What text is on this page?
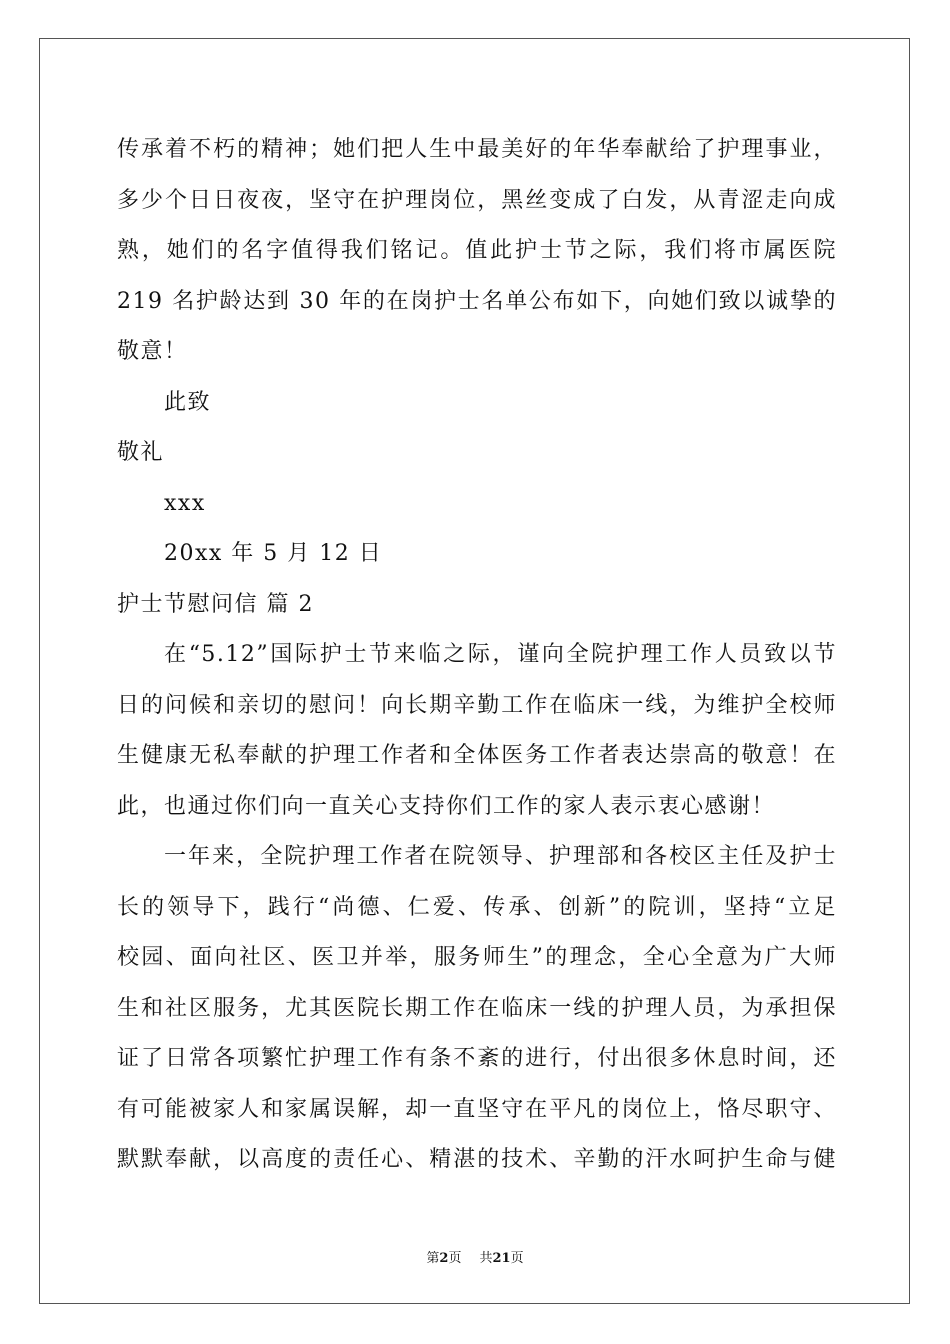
传承着不朽的精神；她们把人生中最美好的年华奉献给了护理事业，
多少个日日夜夜，坚守在护理岗位，黑丝变成了白发，从青涩走向成
熟，她们的名字值得我们铭记。值此护士节之际，我们将市属医院
219 名护龄达到 30 年的在岗护士名单公布如下，向她们致以诚挚的
敬意！
此致
敬礼
xxx
20xx 年 5 月 12 日
护士节慰问信 篇 2
在“5.12”国际护士节来临之际，谨向全院护理工作人员致以节
日的问候和亲切的慰问！向长期辛勤工作在临床一线，为维护全校师
生健康无私奉献的护理工作者和全体医务工作者表达崇高的敬意！在
此，也通过你们向一直关心支持你们工作的家人表示衷心感谢！
一年来，全院护理工作者在院领导、护理部和各校区主任及护士
长的领导下，践行“尚德、仁爱、传承、创新”的院训，坚持“立足
校园、面向社区、医卫并举，服务师生”的理念，全心全意为广大师
生和社区服务，尤其医院长期工作在临床一线的护理人员，为承担保
证了日常各项繁忙护理工作有条不紊的进行，付出很多休息时间，还
有可能被家人和家属误解，却一直坚守在平凡的岗位上，恪尽职守、
默默奉献，以高度的责任心、精湛的技术、辛勤的汗水呵护生命与健
第2页 共21页
